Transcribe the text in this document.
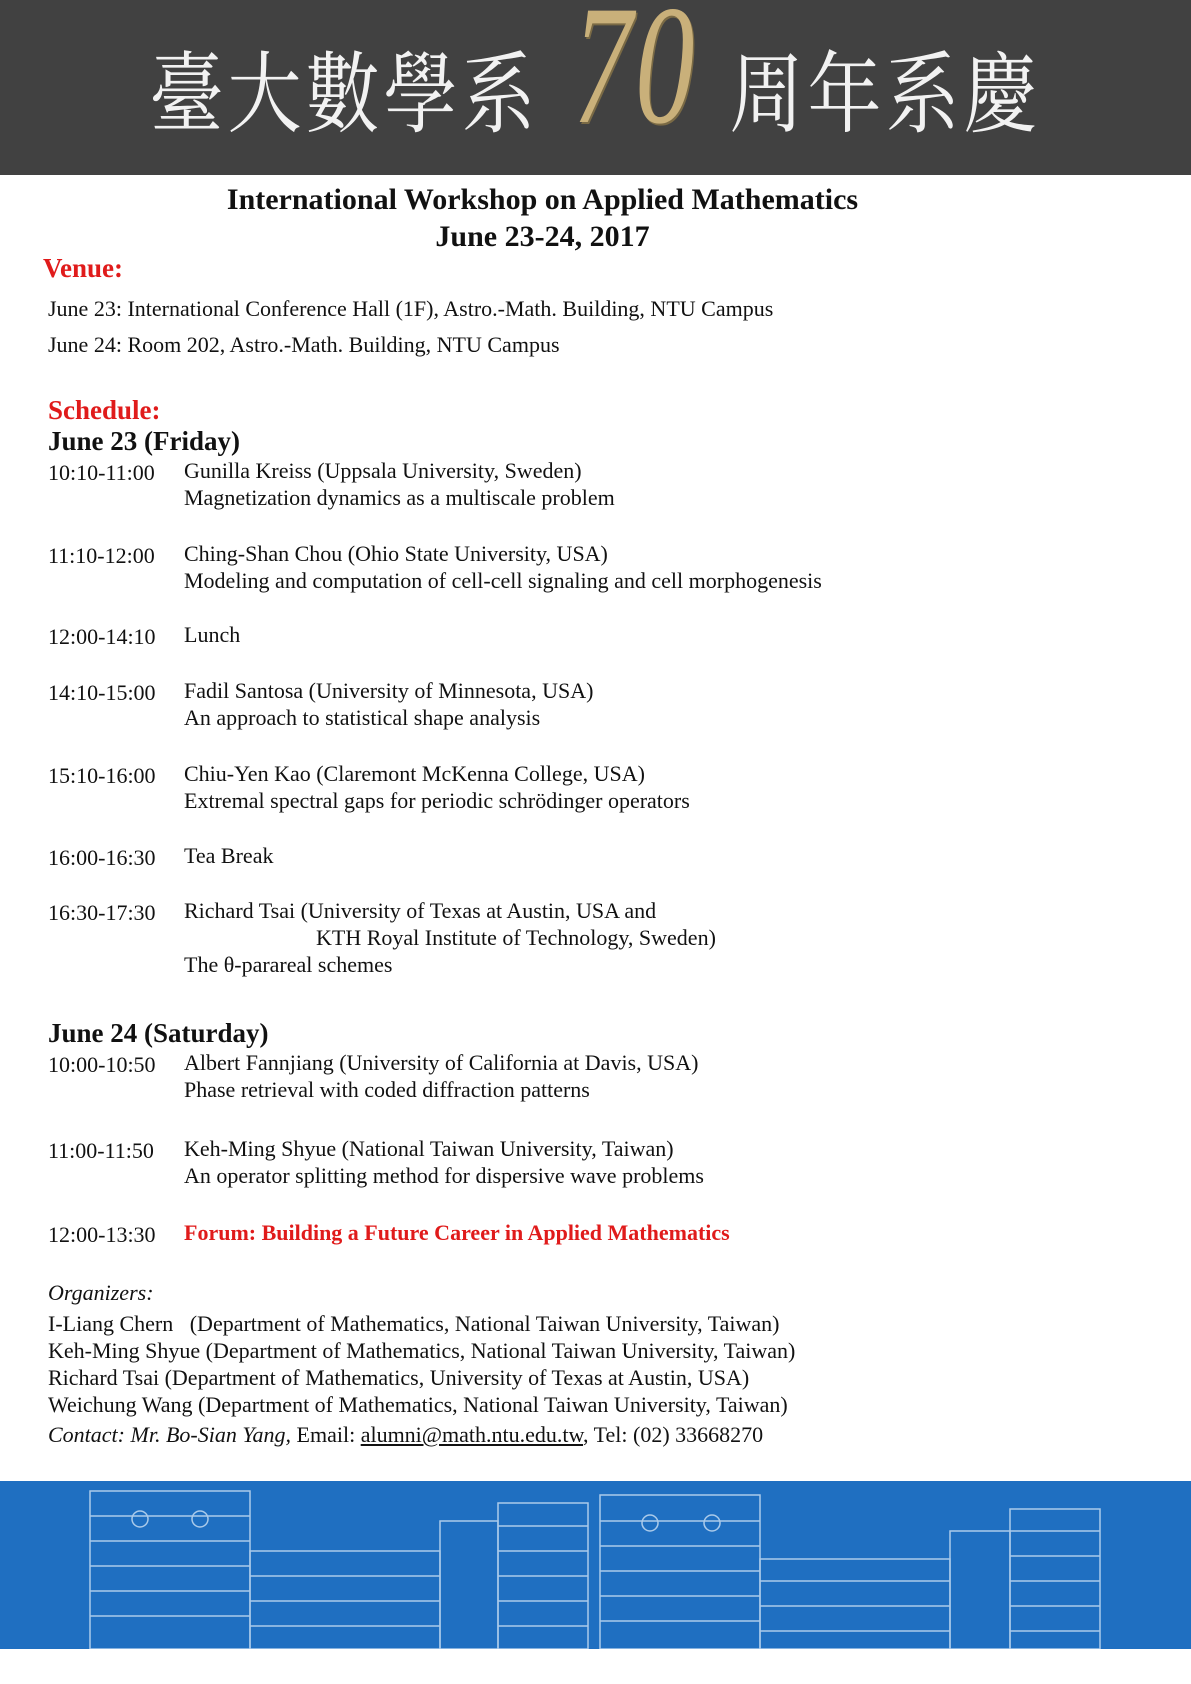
臺大數學系 70 周年系慶
International Workshop on Applied Mathematics
June 23-24, 2017
Venue:
June 23: International Conference Hall (1F), Astro.-Math. Building, NTU Campus
June 24: Room 202, Astro.-Math. Building, NTU Campus
Schedule:
June 23 (Friday)
10:10-11:00 Gunilla Kreiss (Uppsala University, Sweden)
Magnetization dynamics as a multiscale problem
11:10-12:00 Ching-Shan Chou (Ohio State University, USA)
Modeling and computation of cell-cell signaling and cell morphogenesis
12:00-14:10 Lunch
14:10-15:00 Fadil Santosa (University of Minnesota, USA)
An approach to statistical shape analysis
15:10-16:00 Chiu-Yen Kao (Claremont McKenna College, USA)
Extremal spectral gaps for periodic schrödinger operators
16:00-16:30 Tea Break
16:30-17:30 Richard Tsai (University of Texas at Austin, USA and
KTH Royal Institute of Technology, Sweden)
The θ-parareal schemes
June 24 (Saturday)
10:00-10:50 Albert Fannjiang (University of California at Davis, USA)
Phase retrieval with coded diffraction patterns
11:00-11:50 Keh-Ming Shyue (National Taiwan University, Taiwan)
An operator splitting method for dispersive wave problems
12:00-13:30 Forum: Building a Future Career in Applied Mathematics
Organizers:
I-Liang Chern   (Department of Mathematics, National Taiwan University, Taiwan)
Keh-Ming Shyue (Department of Mathematics, National Taiwan University, Taiwan)
Richard Tsai (Department of Mathematics, University of Texas at Austin, USA)
Weichung Wang (Department of Mathematics, National Taiwan University, Taiwan)
Contact: Mr. Bo-Sian Yang, Email: alumni@math.ntu.edu.tw, Tel: (02) 33668270
